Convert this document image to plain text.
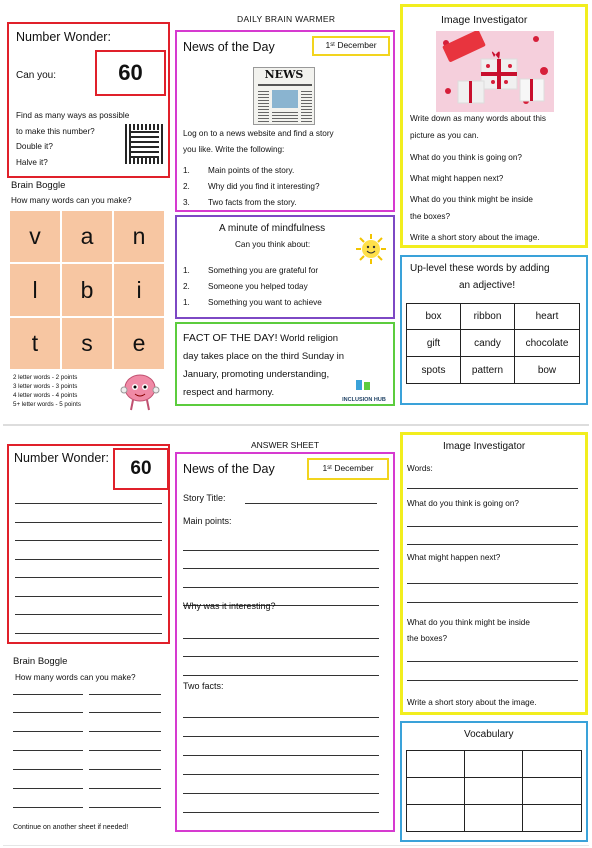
DAILY BRAIN WARMER
Number Wonder:
Can you:	60
Find as many ways as possible
to make this number?
Double it?
Halve it?
Brain Boggle
How many words can you make?
v	a	n
l	b	i
t	s	e
2 letter words - 2 points
3 letter words - 3 points
4 letter words - 4 points
5+ letter words - 5 points
News of the Day	1ˢᵗ December
NEWS
Log on to a news website and find a story
you like. Write the following:
1. Main points of the story.
2. Why did you find it interesting?
3. Two facts from the story.
A minute of mindfulness
Can you think about:
1. Something you are grateful for
2. Someone you helped today
1. Something you want to achieve
FACT OF THE DAY! World religion
day takes place on the third Sunday in
January, promoting understanding,
respect and harmony.
INCLUSION HUB
Image Investigator
Write down as many words about this
picture as you can.
What do you think is going on?
What might happen next?
What do you think might be inside
the boxes?
Write a short story about the image.
Up-level these words by adding
an adjective!
box	ribbon	heart
gift	candy	chocolate
spots	pattern	bow
ANSWER SHEET
Number Wonder: 60
Brain Boggle
How many words can you make?
Continue on another sheet if needed!
News of the Day	1ˢᵗ December
Story Title:
Main points:
Why was it interesting?
Two facts:
Image Investigator
Words:
What do you think is going on?
What might happen next?
What do you think might be inside
the boxes?
Write a short story about the image.
Vocabulary
